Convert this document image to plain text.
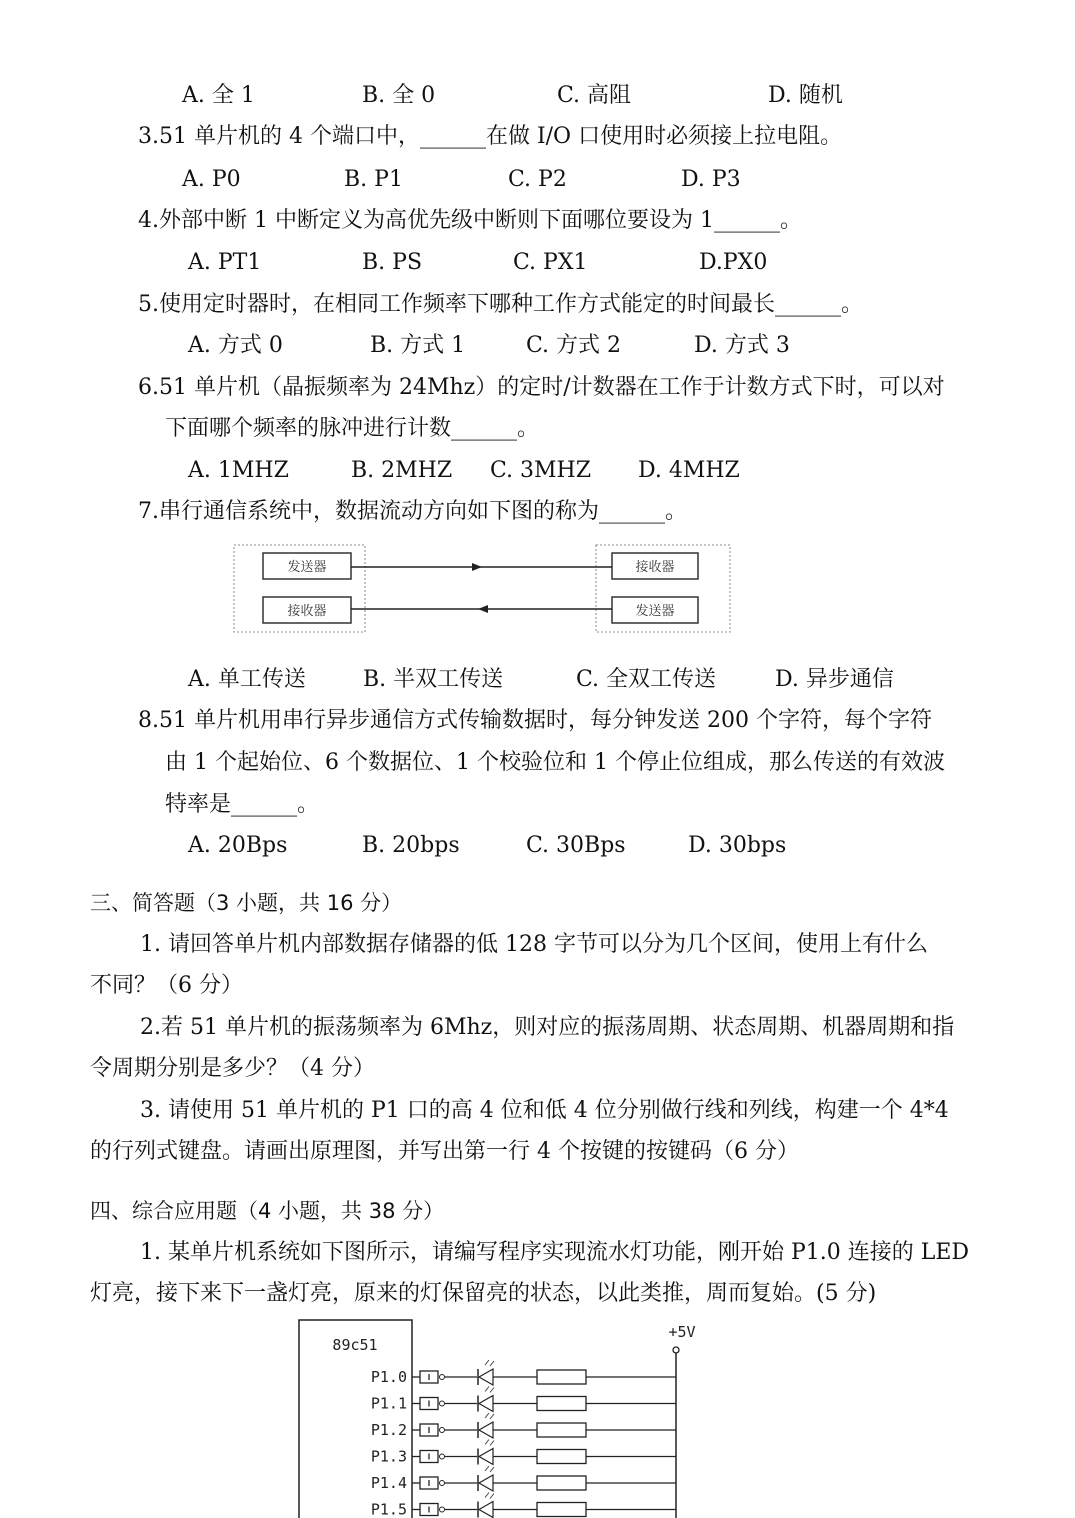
A. 全 1	B. 全 0	C. 高阻	D. 随机
3.51 单片机的 4 个端口中，______在做 I/O 口使用时必须接上拉电阻。
A. P0	B. P1	C. P2	D. P3
4.外部中断 1 中断定义为高优先级中断则下面哪位要设为 1______。
A. PT1	B. PS	C. PX1	D.PX0
5.使用定时器时，在相同工作频率下哪种工作方式能定的时间最长______。
A. 方式 0	B. 方式 1	C. 方式 2	D. 方式 3
6.51 单片机（晶振频率为 24Mhz）的定时/计数器在工作于计数方式下时，可以对
下面哪个频率的脉冲进行计数______。
A. 1MHZ	B. 2MHZ C. 3MHZ D. 4MHZ
7.串行通信系统中，数据流动方向如下图的称为______。
发送器
接收器
接收器
发送器
A. 单工传送	B. 半双工传送	C. 全双工传送	D. 异步通信
8.51 单片机用串行异步通信方式传输数据时，每分钟发送 200 个字符，每个字符
由 1 个起始位、6 个数据位、1 个校验位和 1 个停止位组成，那么传送的有效波
特率是______。
A. 20Bps	B. 20bps	C. 30Bps	D. 30bps
三、简答题（3 小题，共 16 分）
1. 请回答单片机内部数据存储器的低 128 字节可以分为几个区间，使用上有什么
不同？（6 分）
2.若 51 单片机的振荡频率为 6Mhz，则对应的振荡周期、状态周期、机器周期和指
令周期分别是多少？（4 分）
3. 请使用 51 单片机的 P1 口的高 4 位和低 4 位分别做行线和列线，构建一个 4*4
的行列式键盘。请画出原理图，并写出第一行 4 个按键的按键码（6 分）
四、综合应用题（4 小题，共 38 分）
1. 某单片机系统如下图所示，请编写程序实现流水灯功能，刚开始 P1.0 连接的 LED
灯亮，接下来下一盏灯亮，原来的灯保留亮的状态，以此类推，周而复始。(5 分)
89c51
+5V
P1.0
P1.1
P1.2
P1.3
P1.4
P1.5
